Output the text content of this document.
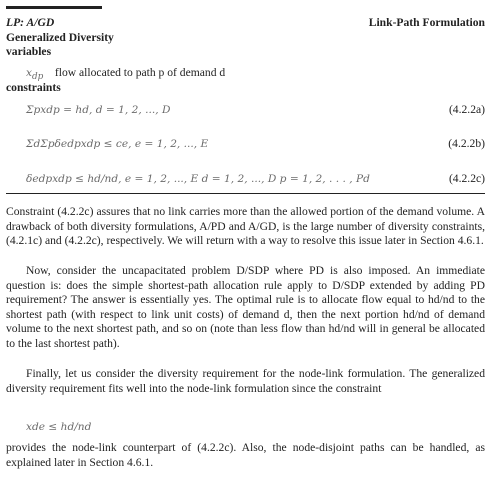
LP: A/GD
Generalized Diversity
variables
Link-Path Formulation
$x_{dp}$ flow allocated to path p of demand d
constraints
Σpxdp = hd, d = 1, 2, ..., D	(4.2.2a)
ΣdΣpδedpxdp ≤ ce, e = 1, 2, ..., E	(4.2.2b)
δedpxdp ≤ hd/nd, e = 1, 2, ..., E d = 1, 2, ..., D p = 1, 2, . . . , Pd	(4.2.2c)

Constraint (4.2.2c) assures that no link carries more than the allowed portion of the demand volume. A drawback of both diversity formulations, A/PD and A/GD, is the large number of diversity constraints, (4.2.1c) and (4.2.2c), respectively. We will return with a way to resolve this issue later in Section 4.6.1.

Now, consider the uncapacitated problem D/SDP where PD is also imposed. An immediate question is: does the simple shortest-path allocation rule apply to D/SDP extended by adding PD requirement? The answer is essentially yes. The optimal rule is to allocate flow equal to hd/nd to the shortest path (with respect to link unit costs) of demand d, then the next portion hd/nd of demand volume to the next shortest path, and so on (note than less flow than hd/nd will in general be allocated to the last shortest path).

Finally, let us consider the diversity requirement for the node-link formulation. The generalized diversity requirement fits well into the node-link formulation since the constraint

xde ≤ hd/nd

provides the node-link counterpart of (4.2.2c). Also, the node-disjoint paths can be handled, as explained later in Section 4.6.1.
